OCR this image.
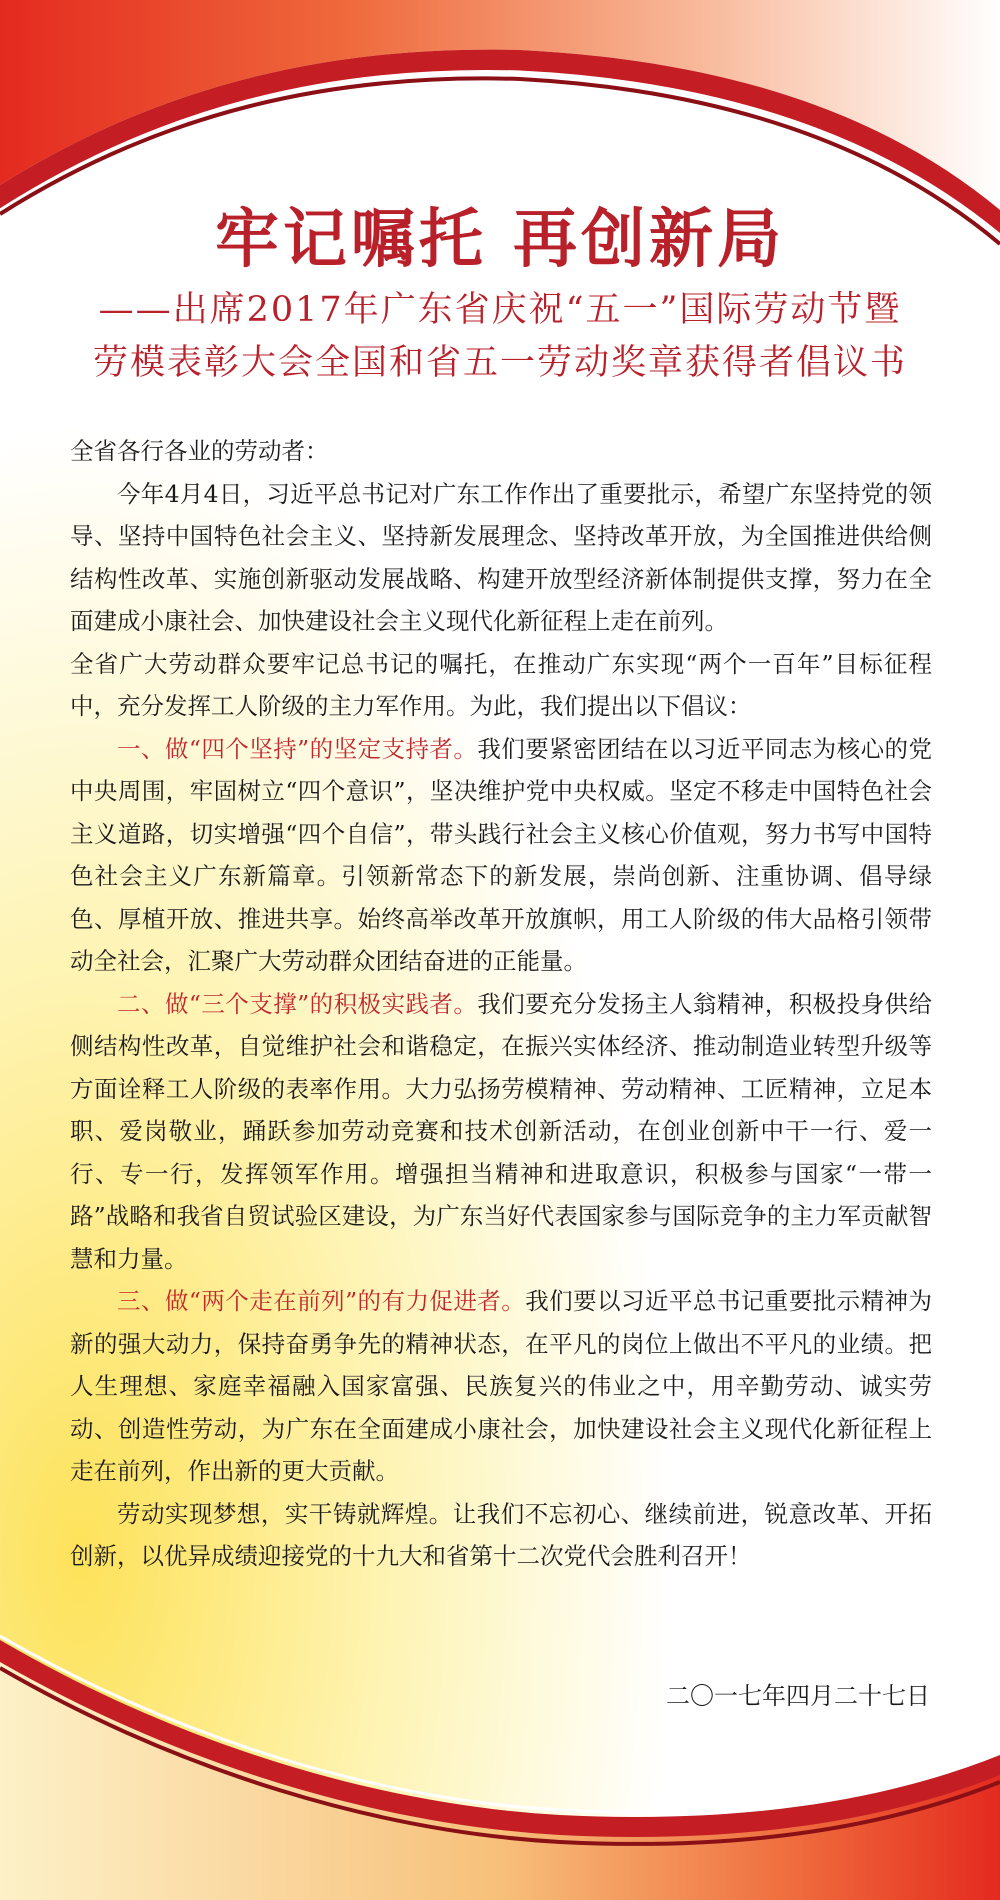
牢记嘱托 再创新局
——出席2017年广东省庆祝“五一”国际劳动节暨
劳模表彰大会全国和省五一劳动奖章获得者倡议书

全省各行各业的劳动者：

今年4月4日，习近平总书记对广东工作作出了重要批示，希望广东坚持党的领导、坚持中国特色社会主义、坚持新发展理念、坚持改革开放，为全国推进供给侧结构性改革、实施创新驱动发展战略、构建开放型经济新体制提供支撑，努力在全面建成小康社会、加快建设社会主义现代化新征程上走在前列。

全省广大劳动群众要牢记总书记的嘱托，在推动广东实现“两个一百年”目标征程中，充分发挥工人阶级的主力军作用。为此，我们提出以下倡议：

一、做“四个坚持”的坚定支持者。我们要紧密团结在以习近平同志为核心的党中央周围，牢固树立“四个意识”，坚决维护党中央权威。坚定不移走中国特色社会主义道路，切实增强“四个自信”，带头践行社会主义核心价值观，努力书写中国特色社会主义广东新篇章。引领新常态下的新发展，崇尚创新、注重协调、倡导绿色、厚植开放、推进共享。始终高举改革开放旗帜，用工人阶级的伟大品格引领带动全社会，汇聚广大劳动群众团结奋进的正能量。

二、做“三个支撑”的积极实践者。我们要充分发扬主人翁精神，积极投身供给侧结构性改革，自觉维护社会和谐稳定，在振兴实体经济、推动制造业转型升级等方面诠释工人阶级的表率作用。大力弘扬劳模精神、劳动精神、工匠精神，立足本职、爱岗敬业，踊跃参加劳动竞赛和技术创新活动，在创业创新中干一行、爱一行、专一行，发挥领军作用。增强担当精神和进取意识，积极参与国家“一带一路”战略和我省自贸试验区建设，为广东当好代表国家参与国际竞争的主力军贡献智慧和力量。

三、做“两个走在前列”的有力促进者。我们要以习近平总书记重要批示精神为新的强大动力，保持奋勇争先的精神状态，在平凡的岗位上做出不平凡的业绩。把人生理想、家庭幸福融入国家富强、民族复兴的伟业之中，用辛勤劳动、诚实劳动、创造性劳动，为广东在全面建成小康社会，加快建设社会主义现代化新征程上走在前列，作出新的更大贡献。

劳动实现梦想，实干铸就辉煌。让我们不忘初心、继续前进，锐意改革、开拓创新，以优异成绩迎接党的十九大和省第十二次党代会胜利召开！

二〇一七年四月二十七日
